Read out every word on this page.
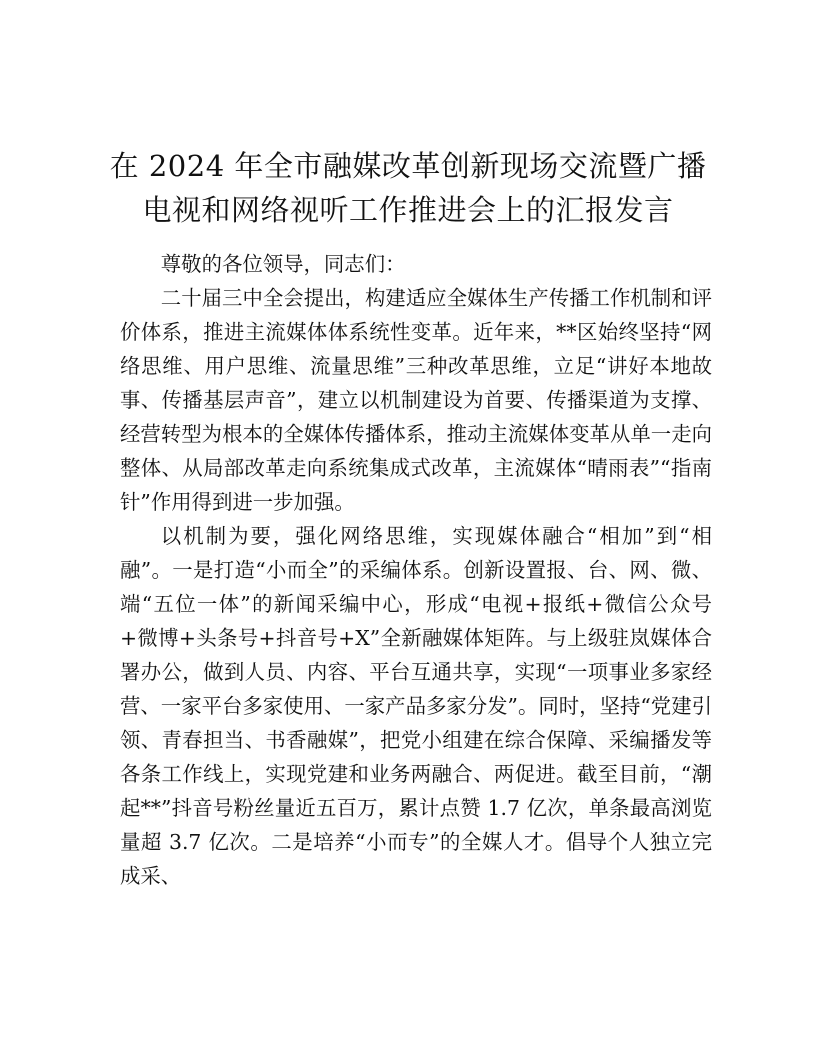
在 2024 年全市融媒改革创新现场交流暨广播
电视和网络视听工作推进会上的汇报发言

尊敬的各位领导，同志们：

二十届三中全会提出，构建适应全媒体生产传播工作机制和评价体系，推进主流媒体体系统性变革。近年来，**区始终坚持“网络思维、用户思维、流量思维”三种改革思维，立足“讲好本地故事、传播基层声音”，建立以机制建设为首要、传播渠道为支撑、经营转型为根本的全媒体传播体系，推动主流媒体变革从单一走向整体、从局部改革走向系统集成式改革，主流媒体“晴雨表”“指南针”作用得到进一步加强。

以机制为要，强化网络思维，实现媒体融合“相加”到“相融”。一是打造“小而全”的采编体系。创新设置报、台、网、微、端“五位一体”的新闻采编中心，形成“电视+报纸+微信公众号+微博+头条号+抖音号+X”全新融媒体矩阵。与上级驻岚媒体合署办公，做到人员、内容、平台互通共享，实现“一项事业多家经营、一家平台多家使用、一家产品多家分发”。同时，坚持“党建引领、青春担当、书香融媒”，把党小组建在综合保障、采编播发等各条工作线上，实现党建和业务两融合、两促进。截至目前，“潮起**”抖音号粉丝量近五百万，累计点赞 1.7 亿次，单条最高浏览量超 3.7 亿次。二是培养“小而专”的全媒人才。倡导个人独立完成采、
